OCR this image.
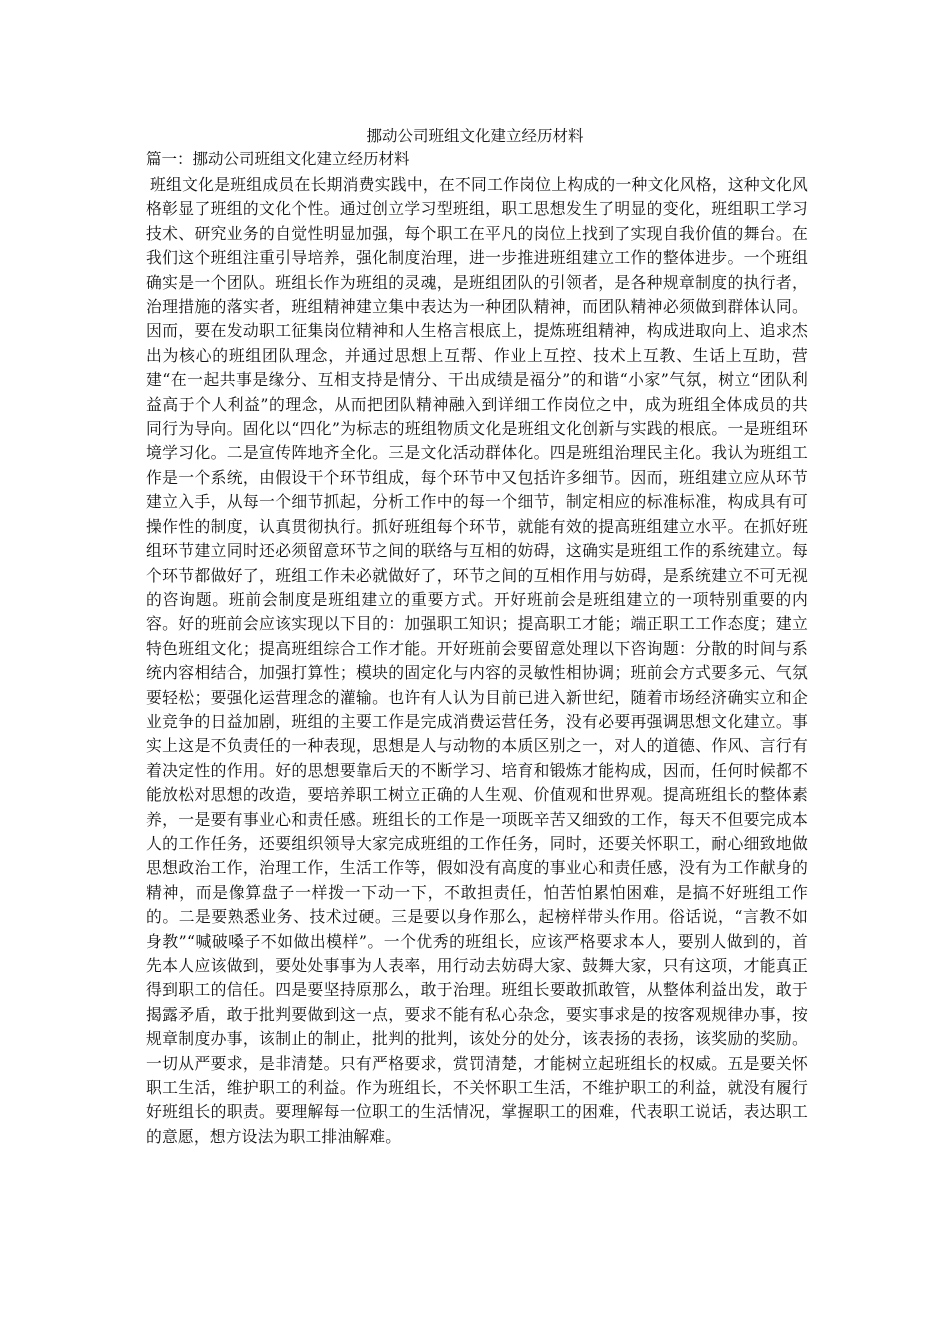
挪动公司班组文化建立经历材料
篇一：挪动公司班组文化建立经历材料

班组文化是班组成员在长期消费实践中，在不同工作岗位上构成的一种文化风格，这种文化风格彰显了班组的文化个性。通过创立学习型班组，职工思想发生了明显的变化，班组职工学习技术、研究业务的自觉性明显加强，每个职工在平凡的岗位上找到了实现自我价值的舞台。在我们这个班组注重引导培养，强化制度治理，进一步推进班组建立工作的整体进步。一个班组确实是一个团队。班组长作为班组的灵魂，是班组团队的引领者，是各种规章制度的执行者，治理措施的落实者，班组精神建立集中表达为一种团队精神，而团队精神必须做到群体认同。因而，要在发动职工征集岗位精神和人生格言根底上，提炼班组精神，构成进取向上、追求杰出为核心的班组团队理念，并通过思想上互帮、作业上互控、技术上互教、生话上互助，营建“在一起共事是缘分、互相支持是情分、干出成绩是福分”的和谐“小家”气氛，树立“团队利益高于个人利益”的理念，从而把团队精神融入到详细工作岗位之中，成为班组全体成员的共同行为导向。固化以“四化”为标志的班组物质文化是班组文化创新与实践的根底。一是班组环境学习化。二是宣传阵地齐全化。三是文化活动群体化。四是班组治理民主化。我认为班组工作是一个系统，由假设干个环节组成，每个环节中又包括许多细节。因而，班组建立应从环节建立入手，从每一个细节抓起，分析工作中的每一个细节，制定相应的标准标准，构成具有可操作性的制度，认真贯彻执行。抓好班组每个环节，就能有效的提高班组建立水平。在抓好班组环节建立同时还必须留意环节之间的联络与互相的妨碍，这确实是班组工作的系统建立。每个环节都做好了，班组工作未必就做好了，环节之间的互相作用与妨碍，是系统建立不可无视的咨询题。班前会制度是班组建立的重要方式。开好班前会是班组建立的一项特别重要的内容。好的班前会应该实现以下目的：加强职工知识；提高职工才能；端正职工工作态度；建立特色班组文化；提高班组综合工作才能。开好班前会要留意处理以下咨询题：分散的时间与系统内容相结合，加强打算性；模块的固定化与内容的灵敏性相协调；班前会方式要多元、气氛要轻松；要强化运营理念的灌输。也许有人认为目前已进入新世纪，随着市场经济确实立和企业竞争的日益加剧，班组的主要工作是完成消费运营任务，没有必要再强调思想文化建立。事实上这是不负责任的一种表现，思想是人与动物的本质区别之一，对人的道德、作风、言行有着决定性的作用。好的思想要靠后天的不断学习、培育和锻炼才能构成，因而，任何时候都不能放松对思想的改造，要培养职工树立正确的人生观、价值观和世界观。提高班组长的整体素养，一是要有事业心和责任感。班组长的工作是一项既辛苦又细致的工作，每天不但要完成本人的工作任务，还要组织领导大家完成班组的工作任务，同时，还要关怀职工，耐心细致地做思想政治工作，治理工作，生活工作等，假如没有高度的事业心和责任感，没有为工作献身的精神，而是像算盘子一样拨一下动一下，不敢担责任，怕苦怕累怕困难，是搞不好班组工作的。二是要熟悉业务、技术过硬。三是要以身作那么，起榜样带头作用。俗话说，“言教不如身教”“喊破嗓子不如做出模样”。一个优秀的班组长，应该严格要求本人，要别人做到的，首先本人应该做到，要处处事事为人表率，用行动去妨碍大家、鼓舞大家，只有这项，才能真正得到职工的信任。四是要坚持原那么，敢于治理。班组长要敢抓敢管，从整体利益出发，敢于揭露矛盾，敢于批判要做到这一点，要求不能有私心杂念，要实事求是的按客观规律办事，按规章制度办事，该制止的制止，批判的批判，该处分的处分，该表扬的表扬，该奖励的奖励。一切从严要求，是非清楚。只有严格要求，赏罚清楚，才能树立起班组长的权威。五是要关怀职工生活，维护职工的利益。作为班组长，不关怀职工生活，不维护职工的利益，就没有履行好班组长的职责。要理解每一位职工的生活情况，掌握职工的困难，代表职工说话，表达职工的意愿，想方设法为职工排油解难。
